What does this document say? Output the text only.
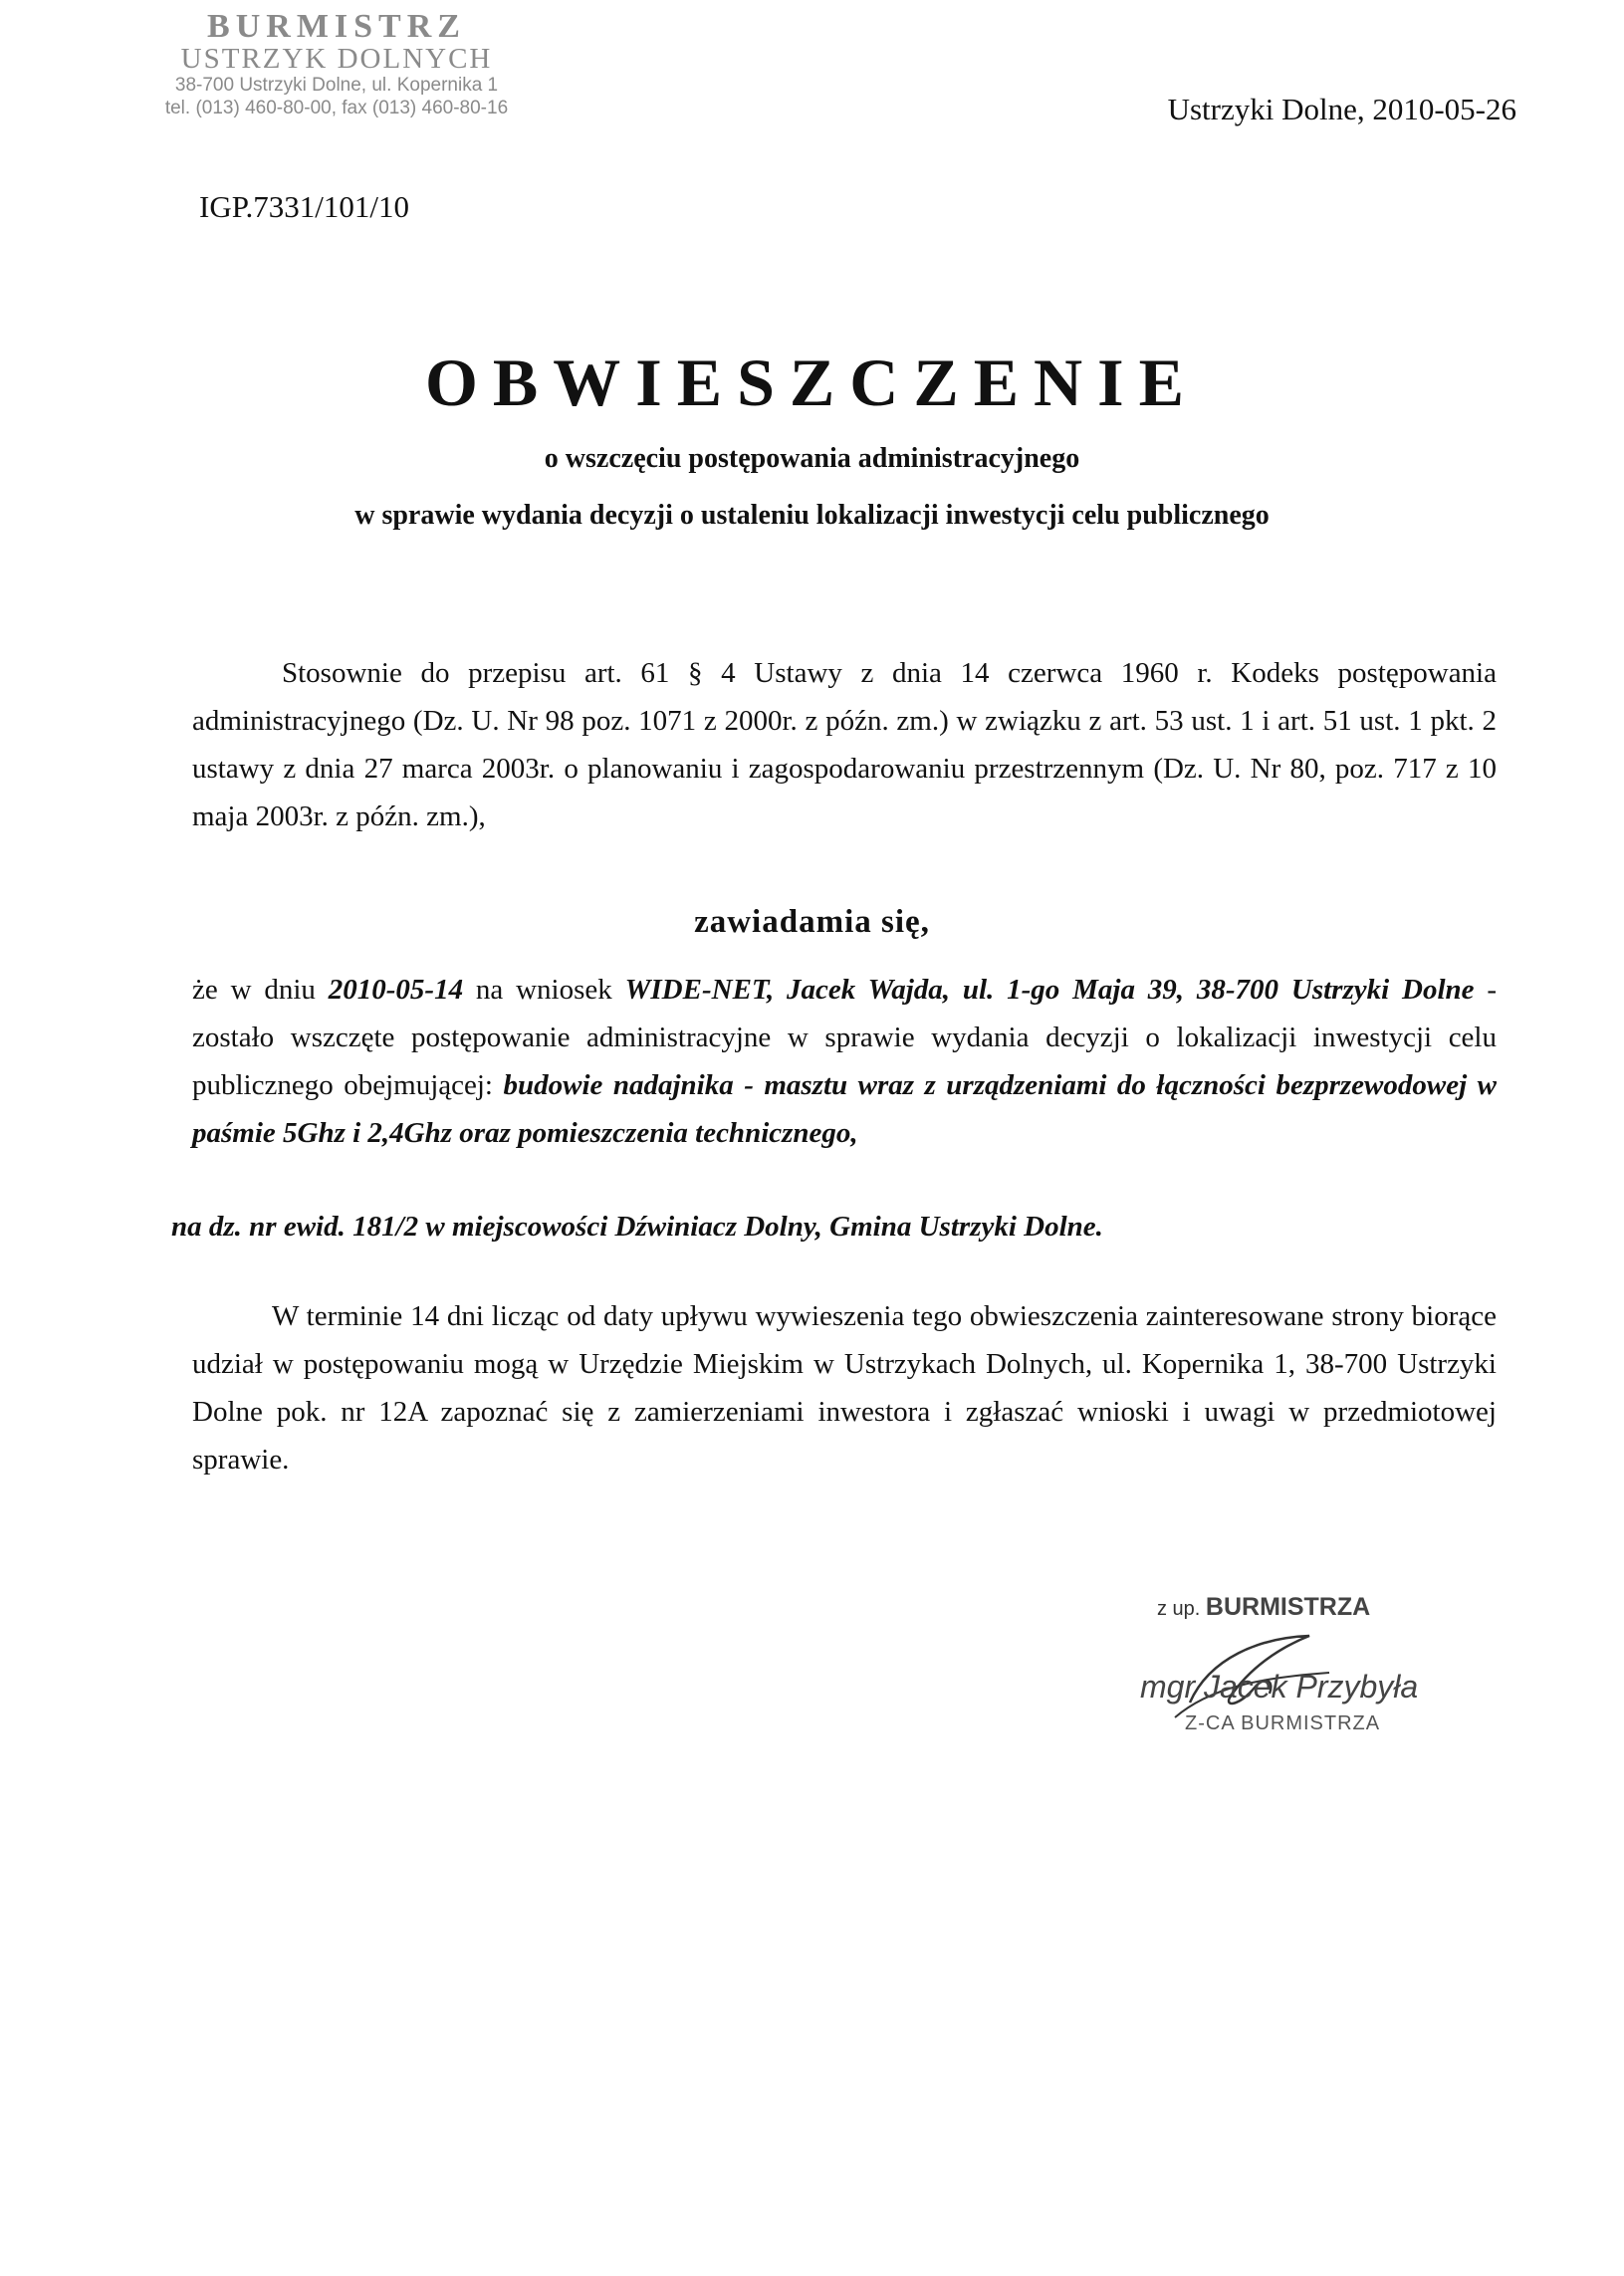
BURMISTRZ
USTRZYK DOLNYCH
38-700 Ustrzyki Dolne, ul. Kopernika 1
tel. (013) 460-80-00, fax (013) 460-80-16	Ustrzyki Dolne, 2010-05-26
IGP.7331/101/10
OBWIESZCZENIE
o wszczęciu postępowania administracyjnego
w sprawie wydania decyzji o ustaleniu lokalizacji inwestycji celu publicznego
Stosownie do przepisu art. 61 § 4 Ustawy z dnia 14 czerwca 1960 r. Kodeks postępowania administracyjnego (Dz. U. Nr 98 poz. 1071 z 2000r. z późn. zm.) w związku z art. 53 ust. 1 i art. 51 ust. 1 pkt. 2 ustawy z dnia 27 marca 2003r. o planowaniu i zagospodarowaniu przestrzennym (Dz. U. Nr 80, poz. 717 z 10 maja 2003r. z późn. zm.),
zawiadamia się,
że w dniu 2010-05-14 na wniosek WIDE-NET, Jacek Wajda, ul. 1-go Maja 39, 38-700 Ustrzyki Dolne - zostało wszczęte postępowanie administracyjne w sprawie wydania decyzji o lokalizacji inwestycji celu publicznego obejmującej: budowie nadajnika - masztu wraz z urządzeniami do łączności bezprzewodowej w paśmie 5Ghz i 2,4Ghz oraz pomieszczenia technicznego,
na dz. nr ewid. 181/2 w miejscowości Dźwiniacz Dolny, Gmina Ustrzyki Dolne.
W terminie 14 dni licząc od daty upływu wywieszenia tego obwieszczenia zainteresowane strony biorące udział w postępowaniu mogą w Urzędzie Miejskim w Ustrzykach Dolnych, ul. Kopernika 1, 38-700 Ustrzyki Dolne pok. nr 12A zapoznać się z zamierzeniami inwestora i zgłaszać wnioski i uwagi w przedmiotowej sprawie.
z up. BURMISTRZA
mgr Jacek Przybyła
Z-CA BURMISTRZA
